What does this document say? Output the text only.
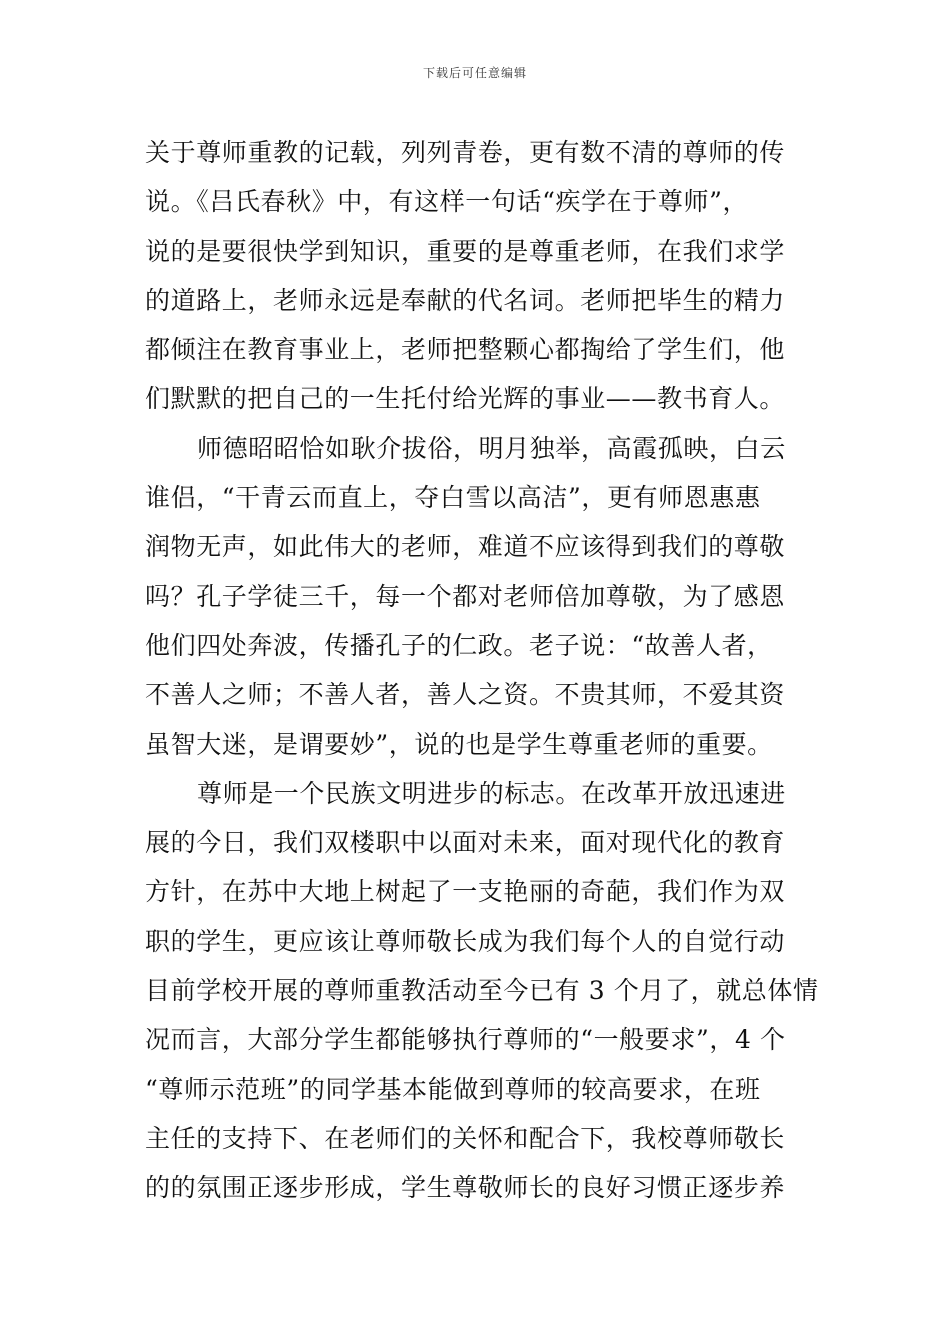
下载后可任意编辑
关于尊师重教的记载，列列青卷，更有数不清的尊师的传
说。《吕氏春秋》中，有这样一句话“疾学在于尊师”，
说的是要很快学到知识，重要的是尊重老师，在我们求学
的道路上，老师永远是奉献的代名词。老师把毕生的精力
都倾注在教育事业上，老师把整颗心都掏给了学生们，他
们默默的把自己的一生托付给光辉的事业——教书育人。
师德昭昭恰如耿介拔俗，明月独举，高霞孤映，白云
谁侣，“干青云而直上，夺白雪以高洁”，更有师恩惠惠
润物无声，如此伟大的老师，难道不应该得到我们的尊敬
吗？孔子学徒三千，每一个都对老师倍加尊敬，为了感恩
他们四处奔波，传播孔子的仁政。老子说：“故善人者，
不善人之师；不善人者，善人之资。不贵其师，不爱其资
虽智大迷，是谓要妙”，说的也是学生尊重老师的重要。
尊师是一个民族文明进步的标志。在改革开放迅速进
展的今日，我们双楼职中以面对未来，面对现代化的教育
方针，在苏中大地上树起了一支艳丽的奇葩，我们作为双
职的学生，更应该让尊师敬长成为我们每个人的自觉行动
目前学校开展的尊师重教活动至今已有 3 个月了，就总体情
况而言，大部分学生都能够执行尊师的“一般要求”，4 个
“尊师示范班”的同学基本能做到尊师的较高要求，在班
主任的支持下、在老师们的关怀和配合下，我校尊师敬长
的的氛围正逐步形成，学生尊敬师长的良好习惯正逐步养
